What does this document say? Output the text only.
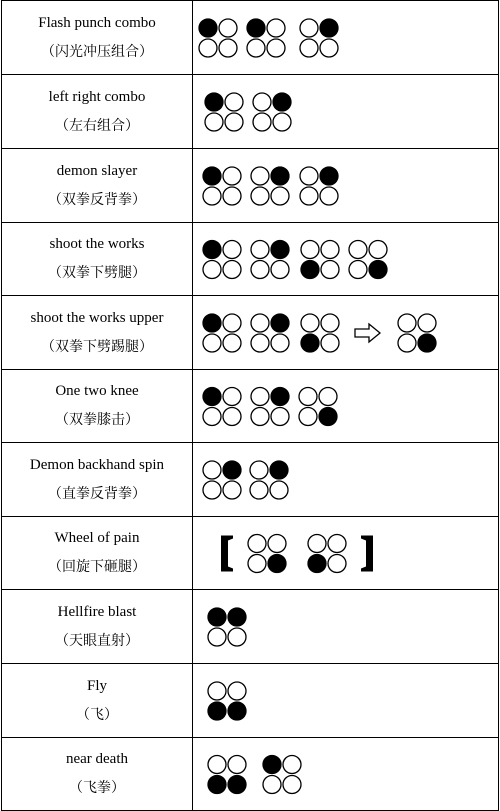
Flash punch combo
（闪光冲压组合）

left right combo
（左右组合）

demon slayer
（双拳反背拳）

shoot the works
（双拳下劈腿）

shoot the works upper
（双拳下劈踢腿）

One two knee
（双拳膝击）

Demon backhand spin
（直拳反背拳）

Wheel of pain
（回旋下砸腿）

Hellfire blast
（天眼直射）

Fly
（飞）

near death
（飞拳）
